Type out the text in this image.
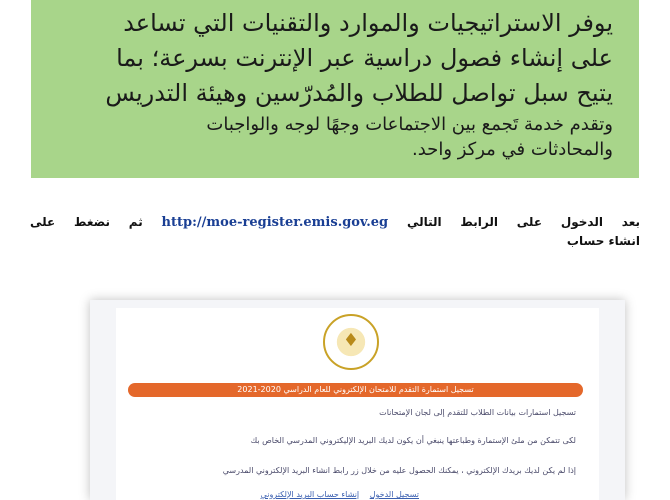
يوفر الاستراتيجيات والموارد والتقنيات التي تساعد

على إنشاء فصول دراسية عبر الإنترنت بسرعة؛ بما

يتيح سبل تواصل للطلاب والمُدرّسين وهيئة التدريس

وتقدم خدمة تَجمع بين الاجتماعات وجهًا لوجه والواجبات

والمحادثات في مركز واحد.

بعد الدخول على الرابط التالي http://moe-register.emis.gov.eg ثم نضغط على
انشاء حساب
♦
تسجيل استمارة التقدم للامتحان الإلكتروني للعام الدراسي 2020-2021
تسجيل استمارات بيانات الطلاب للتقدم إلى لجان الإمتحانات
لكى تتمكن من ملئ الإستمارة وطباعتها ينبغي أن يكون لديك البريد الإليكتروني المدرسي الخاص بك
إذا لم يكن لديك بريدك الإلكتروني ، يمكنك الحصول عليه من خلال زر رابط انشاء البريد الإلكتروني المدرسي
تسجيل الدخول إنشاء حساب البريد الإلكتروني
